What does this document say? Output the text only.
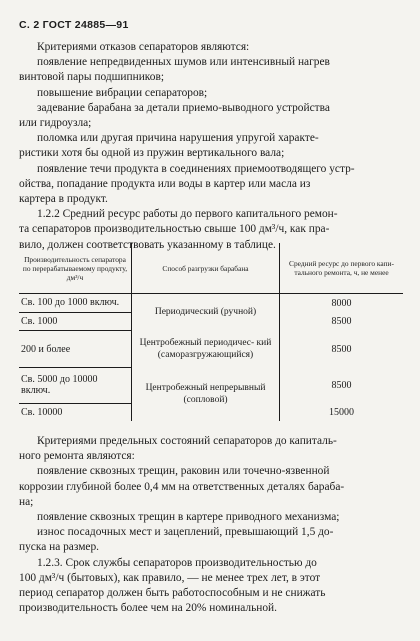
С. 2 ГОСТ 24885—91
Критериями отказов сепараторов являются:
появление непредвиденных шумов или интенсивный нагрев
винтовой пары подшипников;
повышение вибрации сепараторов;
задевание барабана за детали приемо-выводного устройства
или гидроузла;
поломка или другая причина нарушения упругой характе-
ристики хотя бы одной из пружин вертикального вала;
появление течи продукта в соединениях приемоотводящего устр-
ойства, попадание продукта или воды в картер или масла из
картера в продукт.
1.2.2 Средний ресурс работы до первого капитального ремон-
та сепараторов производительностью свыше 100 дм³/ч, как пра-
вило, должен соответствовать указанному в таблице.
Производительность сепаратора по перерабатываемому продукту, дм³/ч	Способ разгрузки барабана	Средний ресурс до первого капи- тального ремонта, ч, не менее
Св. 100 до 1000 включ.	Периодический (ручной)	8000
Св. 1000		8500
200 и более	Центробежный периодичес- кий (саморазгружающийся)	8500
Св. 5000 до 10000 включ.	Центробежный непрерывный (сопловой)	8500
Св. 10000		15000
Критериями предельных состояний сепараторов до капиталь-
ного ремонта являются:
появление сквозных трещин, раковин или точечно-язвенной
коррозии глубиной более 0,4 мм на ответственных деталях бараба-
на;
появление сквозных трещин в картере приводного механизма;
износ посадочных мест и зацеплений, превышающий 1,5 до-
пуска на размер.
1.2.3. Срок службы сепараторов производительностью до
100 дм³/ч (бытовых), как правило, — не менее трех лет, в этот
период сепаратор должен быть работоспособным и не снижать
производительность более чем на 20% номинальной.
